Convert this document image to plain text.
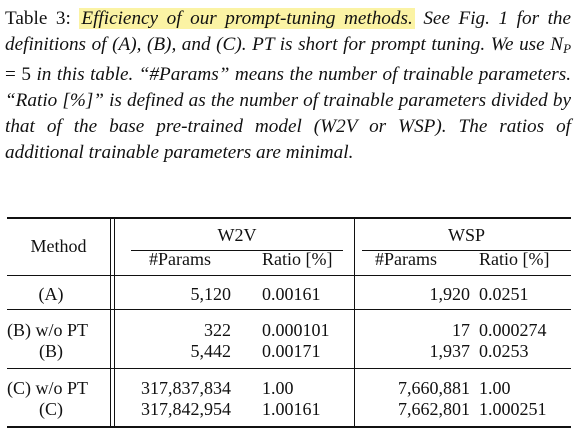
Table 3: Efficiency of our prompt-tuning methods. See Fig. 1 for the definitions of (A), (B), and (C). PT is short for prompt tuning. We use $N_P = 5$ in this table. “#Params” means the number of trainable parameters. “Ratio [%]” is defined as the number of trainable parameters divided by that of the base pre-trained model (W2V or WSP). The ratios of additional trainable parameters are minimal.
Method
W2V	WSP
#Params	Ratio [%] #Params Ratio [%]
(A)	5,120 0.00161	1,920 0.0251
(B) w/o PT	322 0.000101	17 0.000274
(B)	5,442 0.00171	1,937 0.0253
(C) w/o PT	317,837,834 1.00	7,660,881 1.00
(C)	317,842,954 1.00161	7,662,801 1.000251
